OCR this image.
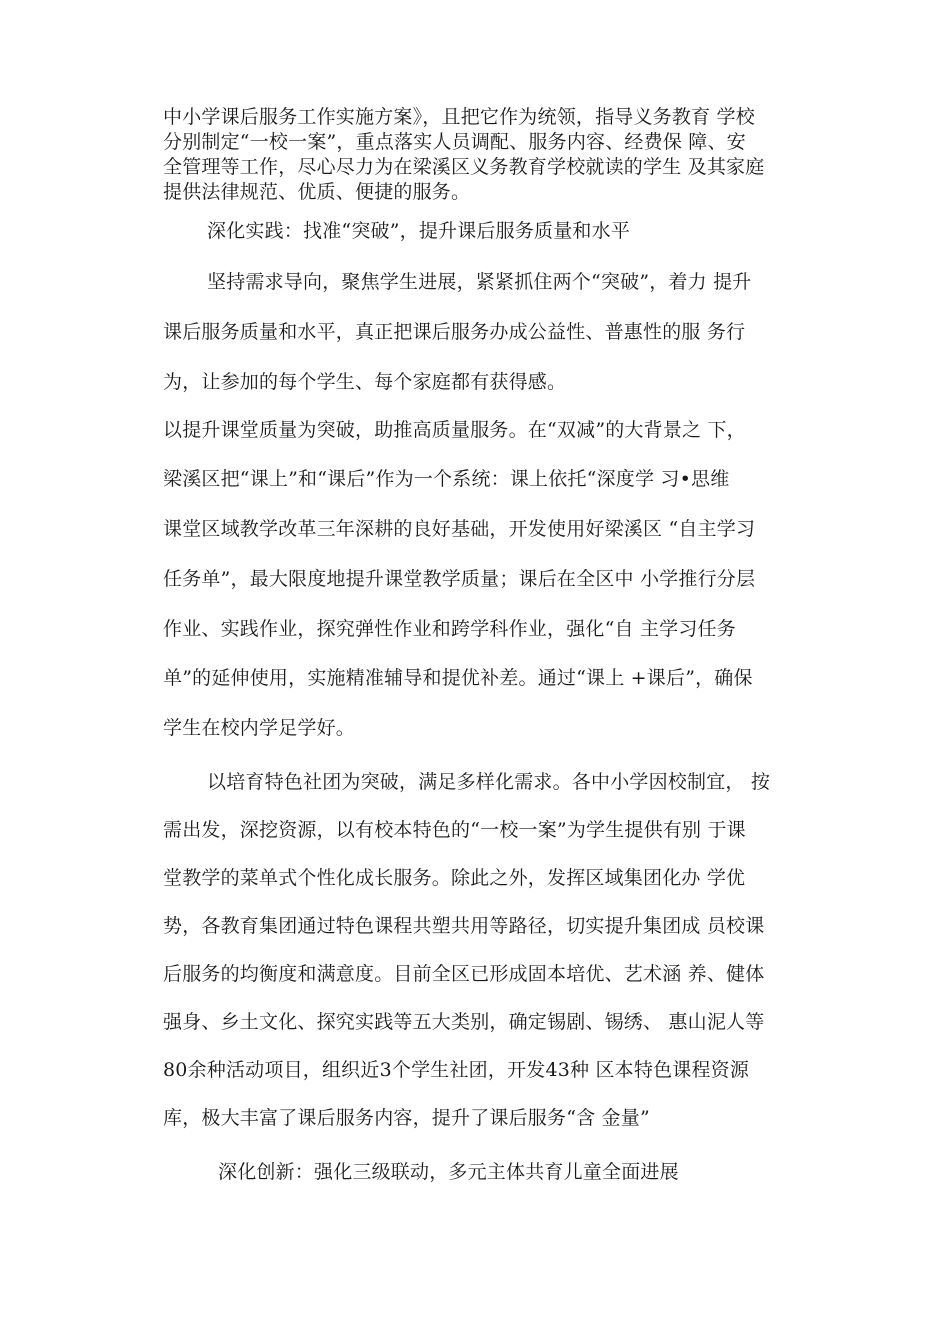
中小学课后服务工作实施方案》，且把它作为统领，指导义务教育 学校
分别制定“一校一案”，重点落实人员调配、服务内容、经费保 障、安
全管理等工作，尽心尽力为在梁溪区义务教育学校就读的学生 及其家庭
提供法律规范、优质、便捷的服务。
深化实践：找准“突破”，提升课后服务质量和水平
坚持需求导向，聚焦学生进展，紧紧抓住两个“突破”，着力 提升
课后服务质量和水平，真正把课后服务办成公益性、普惠性的服 务行
为，让参加的每个学生、每个家庭都有获得感。
以提升课堂质量为突破，助推高质量服务。在“双减”的大背景之 下，
梁溪区把“课上”和“课后”作为一个系统：课上依托“深度学 习•思维
课堂区域教学改革三年深耕的良好基础，开发使用好梁溪区 “自主学习
任务单”，最大限度地提升课堂教学质量；课后在全区中 小学推行分层
作业、实践作业，探究弹性作业和跨学科作业，强化“自 主学习任务
单”的延伸使用，实施精准辅导和提优补差。通过“课上 +课后”，确保
学生在校内学足学好。
以培育特色社团为突破，满足多样化需求。各中小学因校制宜， 按
需出发，深挖资源，以有校本特色的“一校一案”为学生提供有别 于课
堂教学的菜单式个性化成长服务。除此之外，发挥区域集团化办 学优
势，各教育集团通过特色课程共塑共用等路径，切实提升集团成 员校课
后服务的均衡度和满意度。目前全区已形成固本培优、艺术涵 养、健体
强身、乡土文化、探究实践等五大类别，确定锡剧、锡绣、 惠山泥人等
80余种活动项目，组织近3个学生社团，开发43种 区本特色课程资源
库，极大丰富了课后服务内容，提升了课后服务“含 金量”
深化创新：强化三级联动，多元主体共育儿童全面进展
